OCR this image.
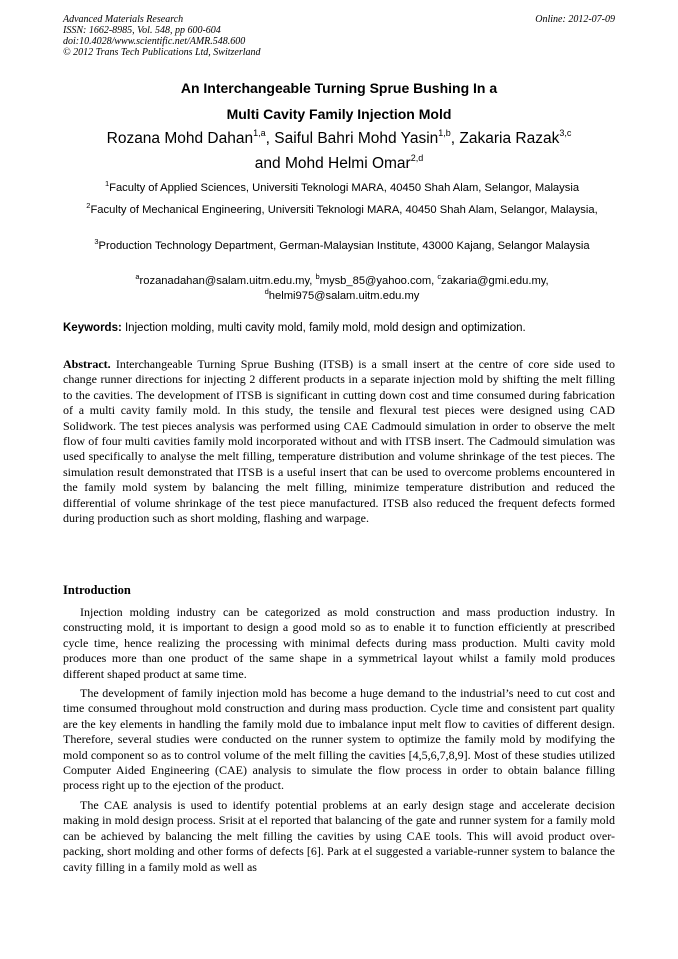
Advanced Materials Research
ISSN: 1662-8985, Vol. 548, pp 600-604
doi:10.4028/www.scientific.net/AMR.548.600
© 2012 Trans Tech Publications Ltd, Switzerland
Online: 2012-07-09
An Interchangeable Turning Sprue Bushing In a
Multi Cavity Family Injection Mold
Rozana Mohd Dahan$^{1,a}$, Saiful Bahri Mohd Yasin$^{1,b}$, Zakaria Razak$^{3,c}$
and Mohd Helmi Omar$^{2,d}$
$^1$Faculty of Applied Sciences, Universiti Teknologi MARA, 40450 Shah Alam, Selangor, Malaysia
$^2$Faculty of Mechanical Engineering, Universiti Teknologi MARA, 40450 Shah Alam, Selangor, Malaysia,
$^3$Production Technology Department, German-Malaysian Institute, 43000 Kajang, Selangor Malaysia
$^a$rozanadahan@salam.uitm.edu.my, $^b$mysb_85@yahoo.com, $^c$zakaria@gmi.edu.my,
$^d$helmi975@salam.uitm.edu.my
Keywords: Injection molding, multi cavity mold, family mold, mold design and optimization.

Abstract. Interchangeable Turning Sprue Bushing (ITSB) is a small insert at the centre of core side used to change runner directions for injecting 2 different products in a separate injection mold by shifting the melt filling to the cavities. The development of ITSB is significant in cutting down cost and time consumed during fabrication of a multi cavity family mold. In this study, the tensile and flexural test pieces were designed using CAD Solidwork. The test pieces analysis was performed using CAE Cadmould simulation in order to observe the melt flow of four multi cavities family mold incorporated without and with ITSB insert. The Cadmould simulation was used specifically to analyse the melt filling, temperature distribution and volume shrinkage of the test pieces. The simulation result demonstrated that ITSB is a useful insert that can be used to overcome problems encountered in the family mold system by balancing the melt filling, minimize temperature distribution and reduced the differential of volume shrinkage of the test piece manufactured. ITSB also reduced the frequent defects formed during production such as short molding, flashing and warpage.

Introduction

Injection molding industry can be categorized as mold construction and mass production industry. In constructing mold, it is important to design a good mold so as to enable it to function efficiently at prescribed cycle time, hence realizing the processing with minimal defects during mass production. Multi cavity mold produces more than one product of the same shape in a symmetrical layout whilst a family mold produces different shaped product at same time.

The development of family injection mold has become a huge demand to the industrial’s need to cut cost and time consumed throughout mold construction and during mass production. Cycle time and consistent part quality are the key elements in handling the family mold due to imbalance input melt flow to cavities of different design. Therefore, several studies were conducted on the runner system to optimize the family mold by modifying the mold component so as to control volume of the melt filling the cavities [4,5,6,7,8,9]. Most of these studies utilized Computer Aided Engineering (CAE) analysis to simulate the flow process in order to obtain balance filling process right up to the ejection of the product.

The CAE analysis is used to identify potential problems at an early design stage and accelerate decision making in mold design process. Srisit at el reported that balancing of the gate and runner system for a family mold can be achieved by balancing the melt filling the cavities by using CAE tools. This will avoid product over-packing, short molding and other forms of defects [6]. Park at el suggested a variable-runner system to balance the cavity filling in a family mold as well as
